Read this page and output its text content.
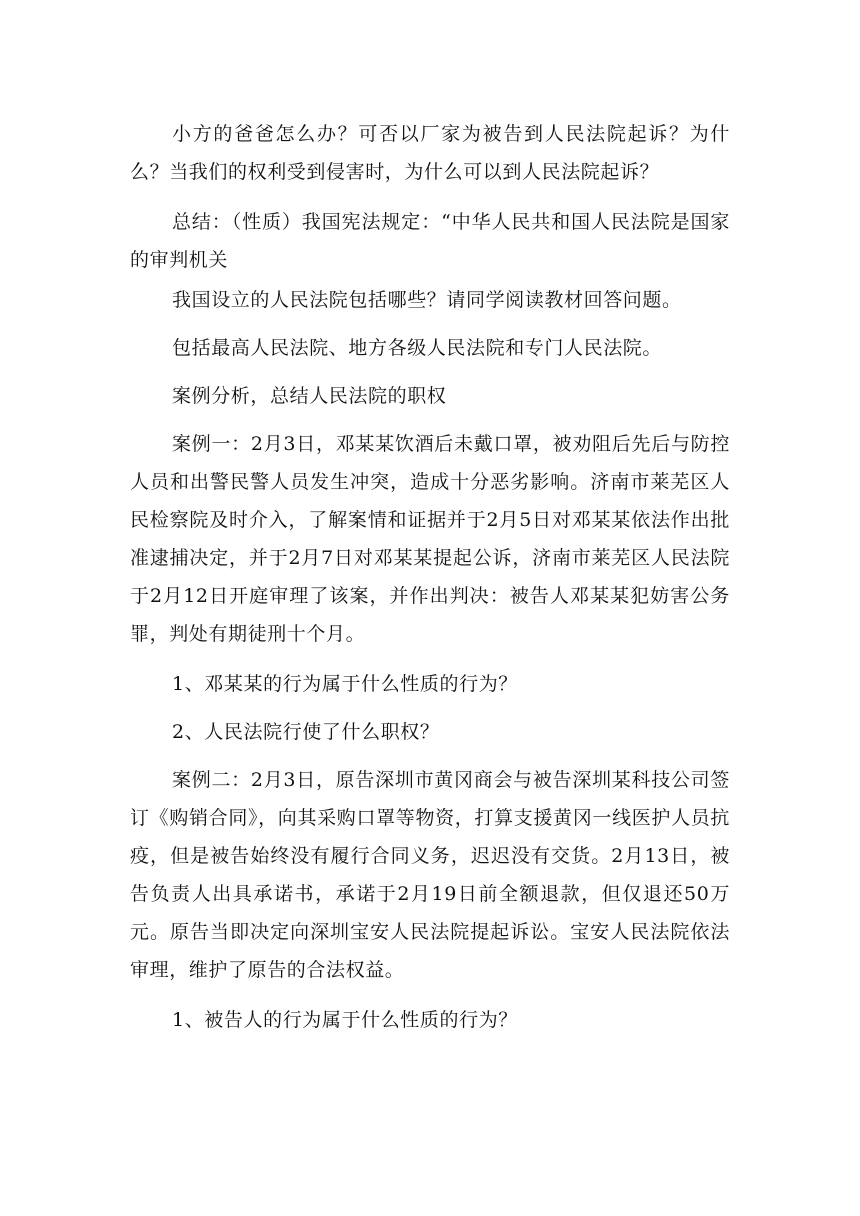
小方的爸爸怎么办？可否以厂家为被告到人民法院起诉？为什么？当我们的权利受到侵害时，为什么可以到人民法院起诉？

总结：（性质）我国宪法规定：“中华人民共和国人民法院是国家的审判机关

我国设立的人民法院包括哪些？请同学阅读教材回答问题。

包括最高人民法院、地方各级人民法院和专门人民法院。

案例分析，总结人民法院的职权

案例一：2月3日，邓某某饮酒后未戴口罩，被劝阻后先后与防控人员和出警民警人员发生冲突，造成十分恶劣影响。济南市莱芜区人民检察院及时介入，了解案情和证据并于2月5日对邓某某依法作出批准逮捕决定，并于2月7日对邓某某提起公诉，济南市莱芜区人民法院于2月12日开庭审理了该案，并作出判决：被告人邓某某犯妨害公务罪，判处有期徒刑十个月。

1、邓某某的行为属于什么性质的行为？

2、人民法院行使了什么职权？

案例二：2月3日，原告深圳市黄冈商会与被告深圳某科技公司签订《购销合同》，向其采购口罩等物资，打算支援黄冈一线医护人员抗疫，但是被告始终没有履行合同义务，迟迟没有交货。2月13日，被告负责人出具承诺书，承诺于2月19日前全额退款，但仅退还50万元。原告当即决定向深圳宝安人民法院提起诉讼。宝安人民法院依法审理，维护了原告的合法权益。

1、被告人的行为属于什么性质的行为？
